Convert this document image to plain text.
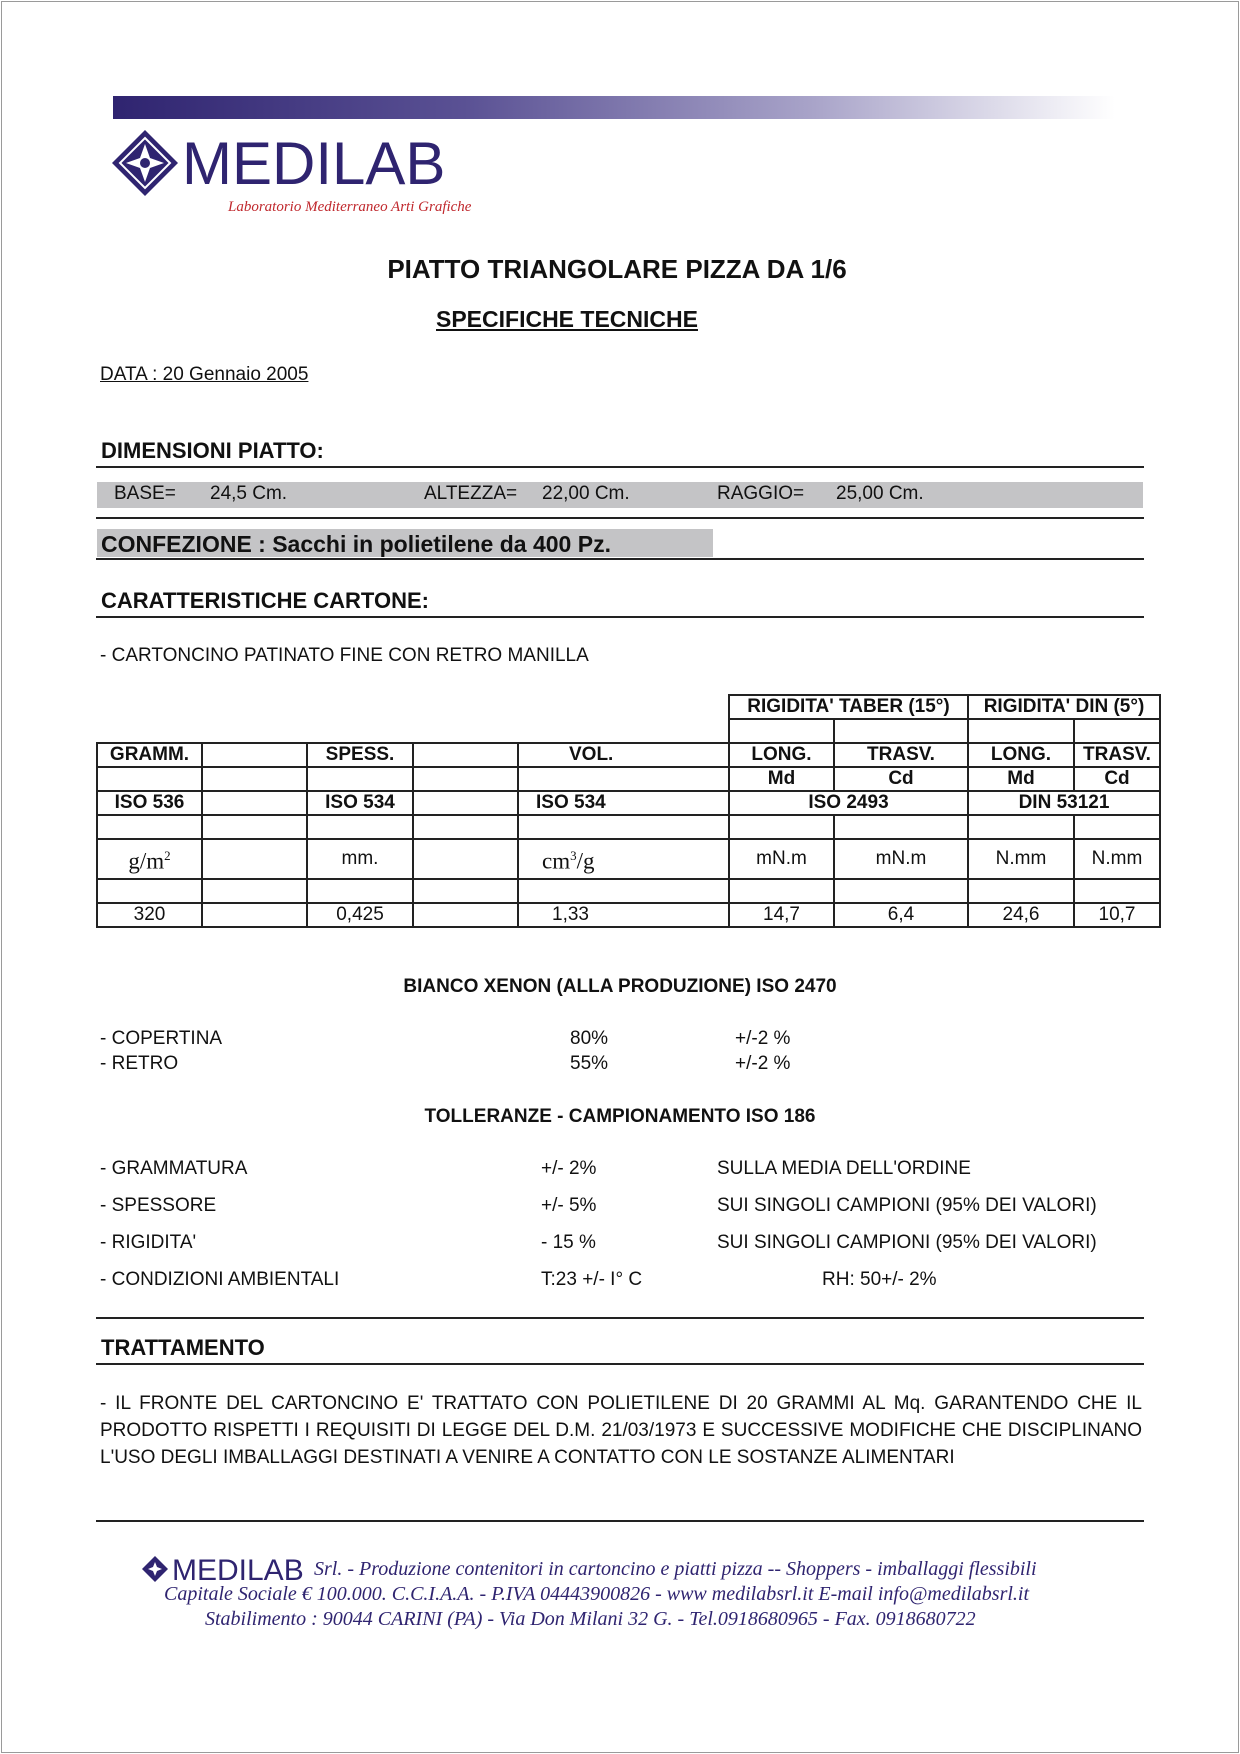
MEDILAB
Laboratorio Mediterraneo Arti Grafiche
PIATTO TRIANGOLARE PIZZA DA 1/6
SPECIFICHE TECNICHE
DATA : 20 Gennaio 2005
DIMENSIONI PIATTO:
BASE= 24,5 Cm.	ALTEZZA= 22,00 Cm.	RAGGIO= 25,00 Cm.
CONFEZIONE : Sacchi in polietilene da 400 Pz.
CARATTERISTICHE CARTONE:
- CARTONCINO PATINATO FINE CON RETRO MANILLA
						RIGIDITA' TABER (15°)		RIGIDITA' DIN (5°)	

GRAMM.		SPESS.		VOL.		LONG.	TRASV.	LONG.	TRASV.
						Md	Cd	Md	Cd
ISO 536		ISO 534		ISO 534		ISO 2493		DIN 53121	

$g/m^2$		mm.		$cm^3/g$		mN.m	mN.m	N.mm	N.mm

320		0,425		1,33		14,7	6,4	24,6	10,7
BIANCO XENON (ALLA PRODUZIONE) ISO 2470
- COPERTINA	80%	+/-2 %
- RETRO	55%	+/-2 %
TOLLERANZE - CAMPIONAMENTO ISO 186
- GRAMMATURA	+/- 2%	SULLA MEDIA DELL'ORDINE
- SPESSORE	+/- 5%	SUI SINGOLI CAMPIONI (95% DEI VALORI)
- RIGIDITA'	- 15 %	SUI SINGOLI CAMPIONI (95% DEI VALORI)
- CONDIZIONI AMBIENTALI	T:23 +/- I° C	RH: 50+/- 2%
TRATTAMENTO
- IL FRONTE DEL CARTONCINO E' TRATTATO CON POLIETILENE DI 20 GRAMMI AL Mq. GARANTENDO CHE IL PRODOTTO RISPETTI I REQUISITI DI LEGGE DEL D.M. 21/03/1973 E SUCCESSIVE MODIFICHE CHE DISCIPLINANO L'USO DEGLI IMBALLAGGI DESTINATI A VENIRE A CONTATTO CON LE SOSTANZE ALIMENTARI
MEDILAB Srl. - Produzione contenitori in cartoncino e piatti pizza -- Shoppers - imballaggi flessibili
Capitale Sociale € 100.000. C.C.I.A.A. - P.IVA 04443900826 - www medilabsrl.it E-mail info@medilabsrl.it
Stabilimento : 90044 CARINI (PA) - Via Don Milani 32 G. - Tel.0918680965 - Fax. 0918680722
